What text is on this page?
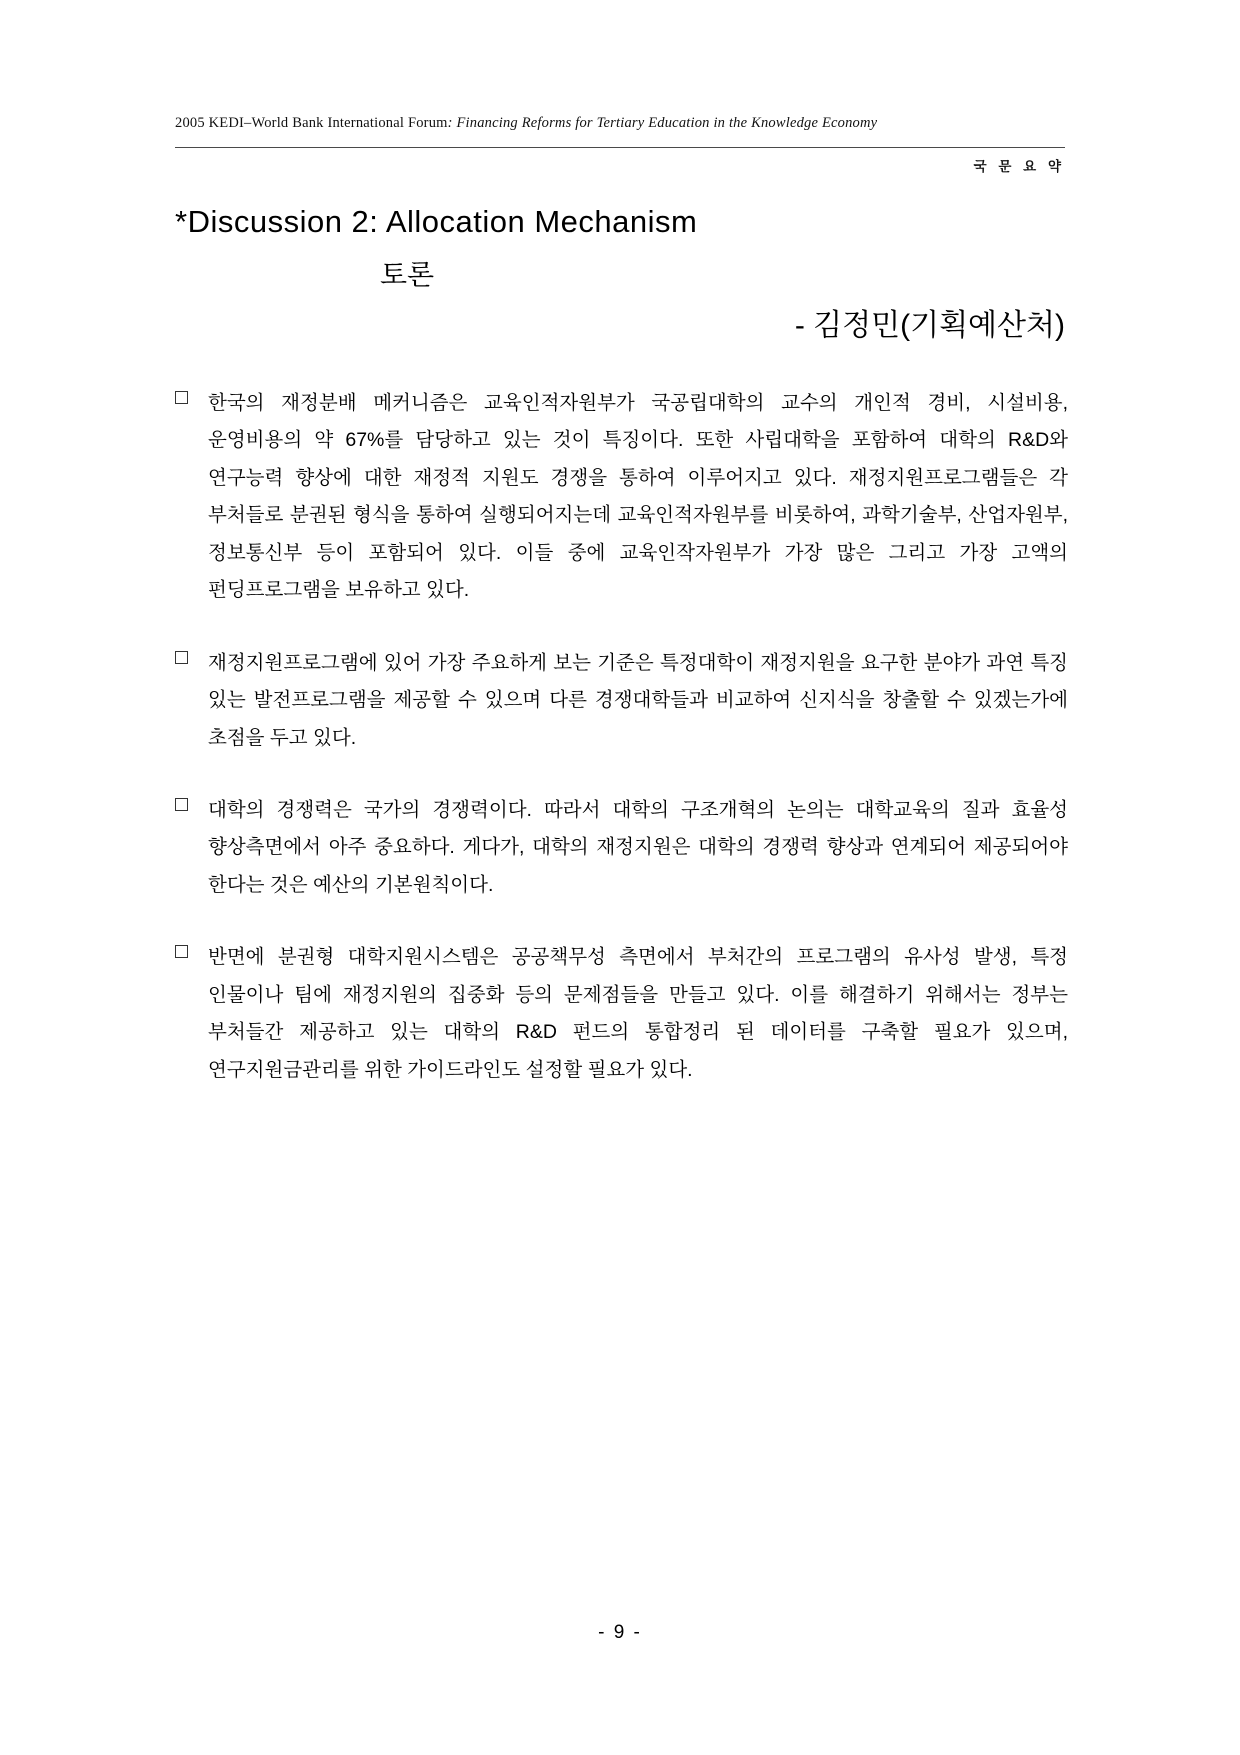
2005 KEDI–World Bank International Forum: Financing Reforms for Tertiary Education in the Knowledge Economy
국 문 요 약
*Discussion 2: Allocation Mechanism
토론
- 김정민(기획예산처)
한국의 재정분배 메커니즘은 교육인적자원부가 국공립대학의 교수의 개인적 경비, 시설비용, 운영비용의 약 67%를 담당하고 있는 것이 특징이다. 또한 사립대학을 포함하여 대학의 R&D와 연구능력 향상에 대한 재정적 지원도 경쟁을 통하여 이루어지고 있다. 재정지원프로그램들은 각 부처들로 분권된 형식을 통하여 실행되어지는데 교육인적자원부를 비롯하여, 과학기술부, 산업자원부, 정보통신부 등이 포함되어 있다. 이들 중에 교육인작자원부가 가장 많은 그리고 가장 고액의 펀딩프로그램을 보유하고 있다.
재정지원프로그램에 있어 가장 주요하게 보는 기준은 특정대학이 재정지원을 요구한 분야가 과연 특징 있는 발전프로그램을 제공할 수 있으며 다른 경쟁대학들과 비교하여 신지식을 창출할 수 있겠는가에 초점을 두고 있다.
대학의 경쟁력은 국가의 경쟁력이다. 따라서 대학의 구조개혁의 논의는 대학교육의 질과 효율성 향상측면에서 아주 중요하다. 게다가, 대학의 재정지원은 대학의 경쟁력 향상과 연계되어 제공되어야 한다는 것은 예산의 기본원칙이다.
반면에 분권형 대학지원시스템은 공공책무성 측면에서 부처간의 프로그램의 유사성 발생, 특정 인물이나 팀에 재정지원의 집중화 등의 문제점들을 만들고 있다. 이를 해결하기 위해서는 정부는 부처들간 제공하고 있는 대학의 R&D 펀드의 통합정리 된 데이터를 구축할 필요가 있으며, 연구지원금관리를 위한 가이드라인도 설정할 필요가 있다.
- 9 -
